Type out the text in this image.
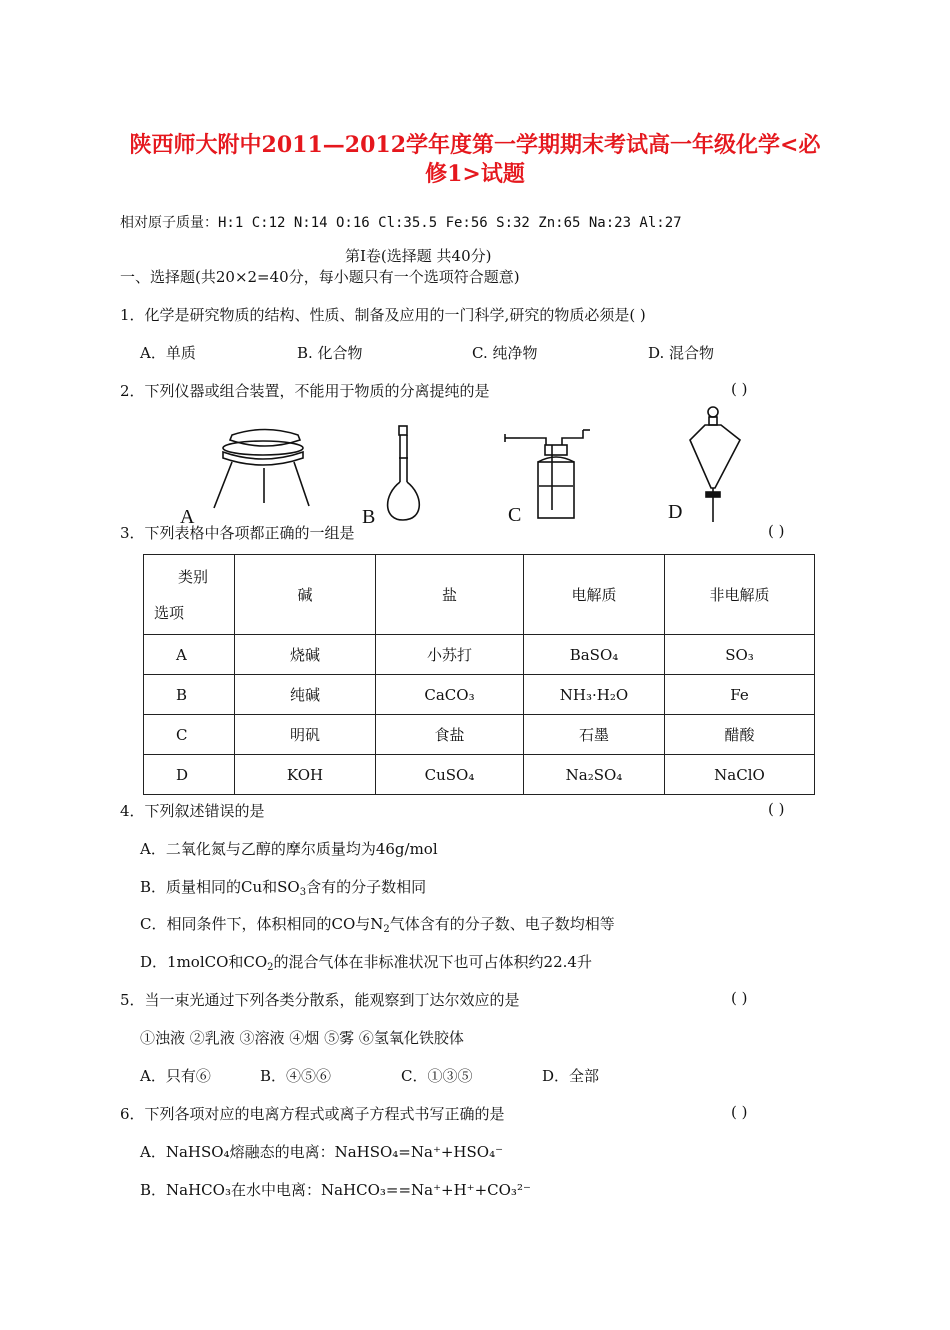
陕西师大附中2011—2012学年度第一学期期末考试高一年级化学<必
修1>试题
相对原子质量：H:1 C:12 N:14 O:16 Cl:35.5 Fe:56 S:32 Zn:65 Na:23 Al:27
第Ⅰ卷(选择题 共40分)
一、选择题(共20×2=40分，每小题只有一个选项符合题意)
1．化学是研究物质的结构、性质、制备及应用的一门科学,研究的物质必须是( )
A．单质	B. 化合物	C. 纯净物	D. 混合物
2．下列仪器或组合装置，不能用于物质的分离提纯的是	( )
A	B	C	D
3．下列表格中各项都正确的一组是	( )
类别
选项	碱	盐	电解质	非电解质
A	烧碱	小苏打	BaSO₄	SO₃
B	纯碱	CaCO₃	NH₃·H₂O	Fe
C	明矾	食盐	石墨	醋酸
D	KOH	CuSO₄	Na₂SO₄	NaClO
4．下列叙述错误的是	( )
A．二氧化氮与乙醇的摩尔质量均为46g/mol
B．质量相同的Cu和$SO_3$含有的分子数相同
C．相同条件下，体积相同的CO与$N_2$气体含有的分子数、电子数均相等
D．1molCO和$CO_2$的混合气体在非标准状况下也可占体积约22.4升
5．当一束光通过下列各类分散系，能观察到丁达尔效应的是	( )
①浊液 ②乳液 ③溶液 ④烟 ⑤雾 ⑥氢氧化铁胶体
A．只有⑥	B．④⑤⑥	C．①③⑤	D．全部
6．下列各项对应的电离方程式或离子方程式书写正确的是	( )
A．NaHSO₄熔融态的电离：NaHSO₄=Na⁺+HSO₄⁻
B．NaHCO₃在水中电离：NaHCO₃==Na⁺+H⁺+CO₃²⁻
